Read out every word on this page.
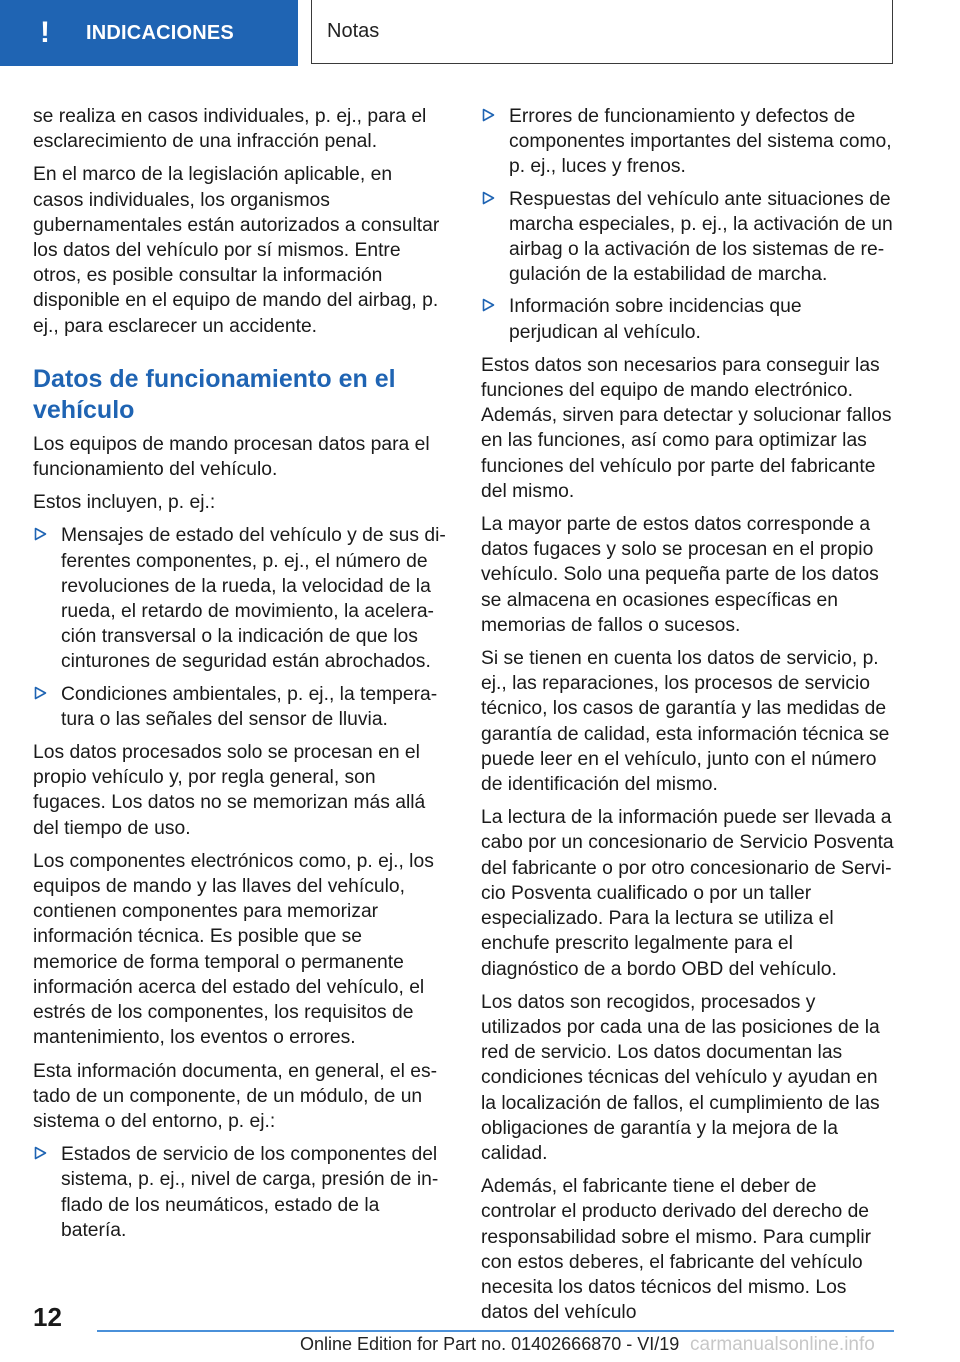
!	INDICACIONES	Notas

se realiza en casos individuales, p. ej., para el esclarecimiento de una infracción penal.

En el marco de la legislación aplicable, en casos individuales, los organismos gubernamentales están autorizados a consultar los datos del vehículo por sí mismos. Entre otros, es posible consultar la información disponible en el equipo de mando del airbag, p. ej., para esclarecer un accidente.

Datos de funcionamiento en el vehículo

Los equipos de mando procesan datos para el funcionamiento del vehículo.

Estos incluyen, p. ej.:

Mensajes de estado del vehículo y de sus diferentes componentes, p. ej., el número de revoluciones de la rueda, la velocidad de la rueda, el retardo de movimiento, la aceleración transversal o la indicación de que los cinturones de seguridad están abrochados.
Condiciones ambientales, p. ej., la temperatura o las señales del sensor de lluvia.

Los datos procesados solo se procesan en el propio vehículo y, por regla general, son fugaces. Los datos no se memorizan más allá del tiempo de uso.

Los componentes electrónicos como, p. ej., los equipos de mando y las llaves del vehículo, contienen componentes para memorizar información técnica. Es posible que se memorice de forma temporal o permanente información acerca del estado del vehículo, el estrés de los componentes, los requisitos de mantenimiento, los eventos o errores.

Esta información documenta, en general, el estado de un componente, de un módulo, de un sistema o del entorno, p. ej.:

Estados de servicio de los componentes del sistema, p. ej., nivel de carga, presión de inflado de los neumáticos, estado de la batería.
Errores de funcionamiento y defectos de componentes importantes del sistema como, p. ej., luces y frenos.
Respuestas del vehículo ante situaciones de marcha especiales, p. ej., la activación de un airbag o la activación de los sistemas de regulación de la estabilidad de marcha.
Información sobre incidencias que perjudican al vehículo.

Estos datos son necesarios para conseguir las funciones del equipo de mando electrónico. Además, sirven para detectar y solucionar fallos en las funciones, así como para optimizar las funciones del vehículo por parte del fabricante del mismo.

La mayor parte de estos datos corresponde a datos fugaces y solo se procesan en el propio vehículo. Solo una pequeña parte de los datos se almacena en ocasiones específicas en memorias de fallos o sucesos.

Si se tienen en cuenta los datos de servicio, p. ej., las reparaciones, los procesos de servicio técnico, los casos de garantía y las medidas de garantía de calidad, esta información técnica se puede leer en el vehículo, junto con el número de identificación del mismo.

La lectura de la información puede ser llevada a cabo por un concesionario de Servicio Posventa del fabricante o por otro concesionario de Servicio Posventa cualificado o por un taller especializado. Para la lectura se utiliza el enchufe prescrito legalmente para el diagnóstico de a bordo OBD del vehículo.

Los datos son recogidos, procesados y utilizados por cada una de las posiciones de la red de servicio. Los datos documentan las condiciones técnicas del vehículo y ayudan en la localización de fallos, el cumplimiento de las obligaciones de garantía y la mejora de la calidad.

Además, el fabricante tiene el deber de controlar el producto derivado del derecho de responsabilidad sobre el mismo. Para cumplir con estos deberes, el fabricante del vehículo necesita los datos técnicos del mismo. Los datos del vehículo

12
Online Edition for Part no. 01402666870 - VI/19 carmanualsonline.info
